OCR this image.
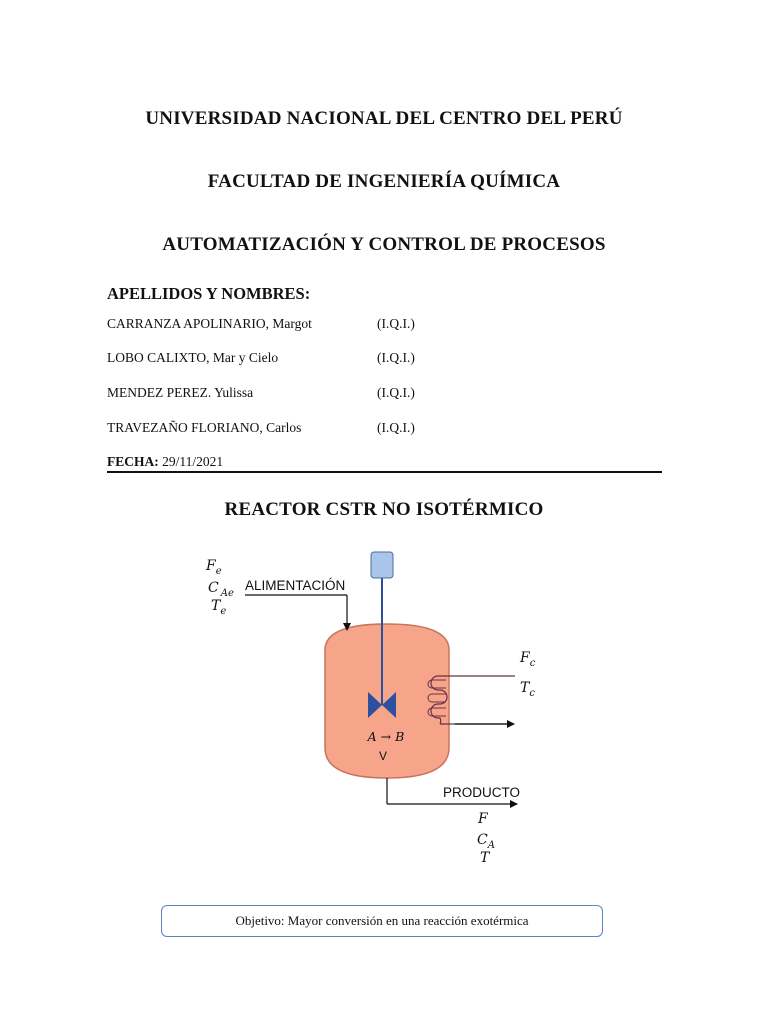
UNIVERSIDAD NACIONAL DEL CENTRO DEL PERÚ
FACULTAD DE INGENIERÍA QUÍMICA
AUTOMATIZACIÓN Y CONTROL DE PROCESOS
APELLIDOS Y NOMBRES:
CARRANZA APOLINARIO, Margot	(I.Q.I.)
LOBO CALIXTO, Mar y Cielo	(I.Q.I.)
MENDEZ PEREZ. Yulissa	(I.Q.I.)
TRAVEZAÑO FLORIANO, Carlos	(I.Q.I.)
FECHA: 29/11/2021
REACTOR CSTR NO ISOTÉRMICO
ALIMENTACIÓN
$F_e$
C $_{Ae}$
$T_e$
$F_c$
$T_c$
A → B
V
PRODUCTO
F
$C_A$
T
Objetivo: Mayor conversión en una reacción exotérmica
